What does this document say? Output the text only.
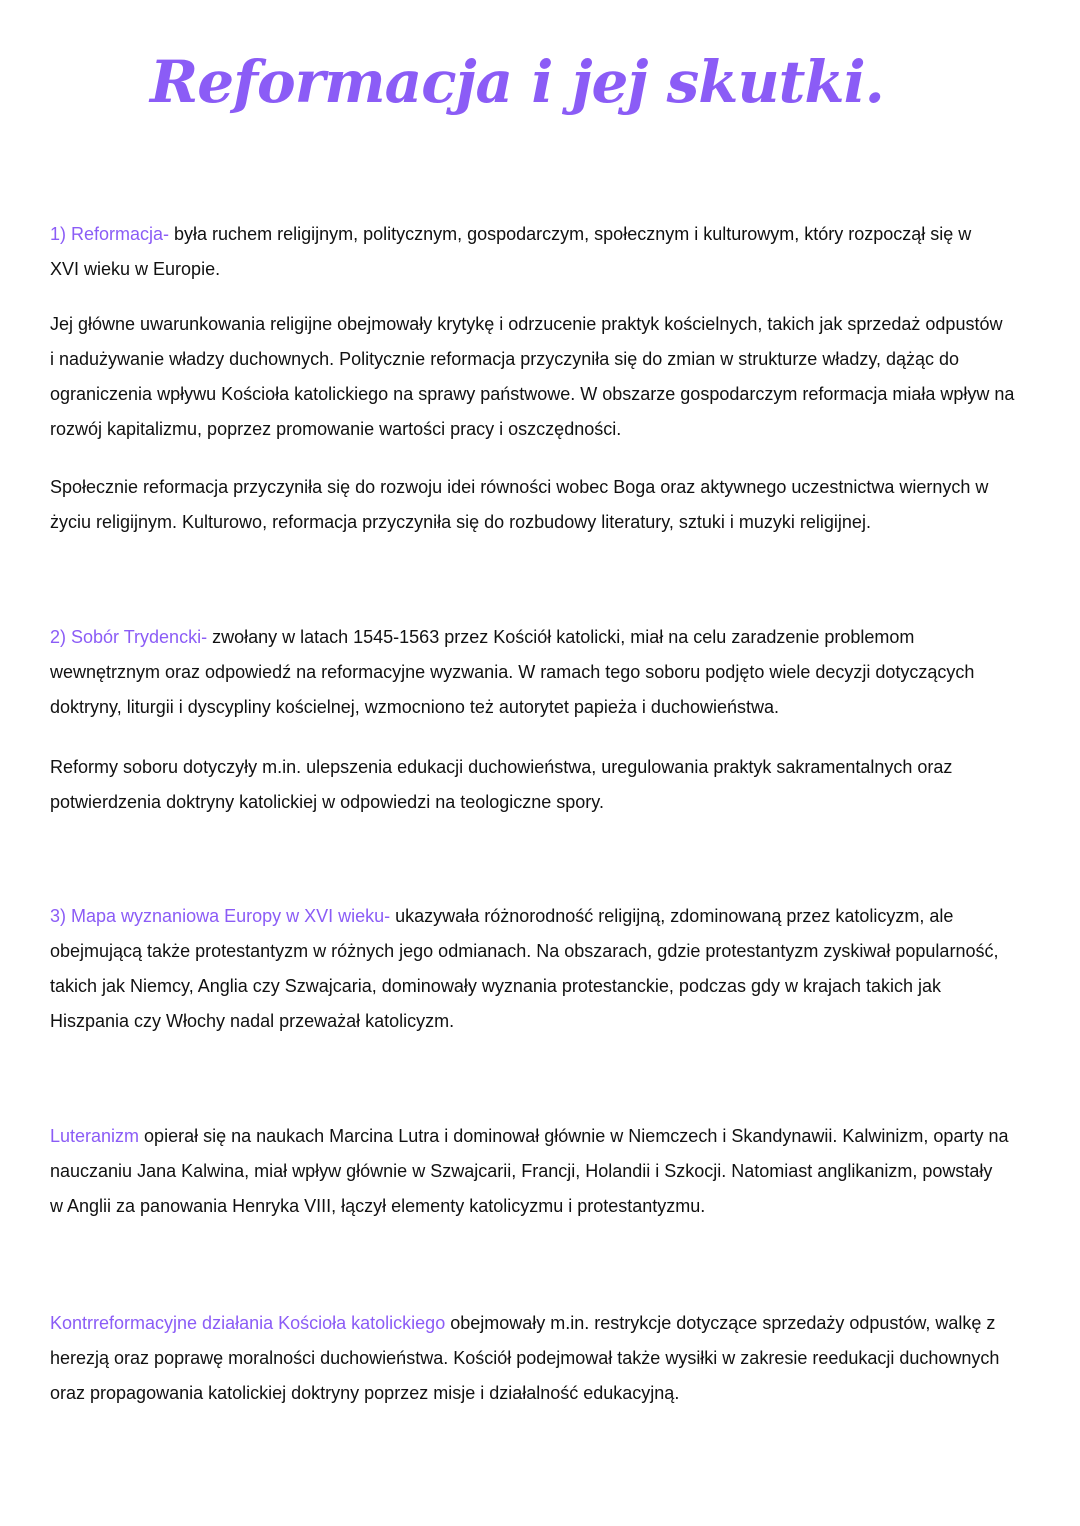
Reformacja i jej skutki.
1) Reformacja- była ruchem religijnym, politycznym, gospodarczym, społecznym i kulturowym, który rozpoczął się w
XVI wieku w Europie.
Jej główne uwarunkowania religijne obejmowały krytykę i odrzucenie praktyk kościelnych, takich jak sprzedaż odpustów
i nadużywanie władzy duchownych. Politycznie reformacja przyczyniła się do zmian w strukturze władzy, dążąc do
ograniczenia wpływu Kościoła katolickiego na sprawy państwowe. W obszarze gospodarczym reformacja miała wpływ na
rozwój kapitalizmu, poprzez promowanie wartości pracy i oszczędności.
Społecznie reformacja przyczyniła się do rozwoju idei równości wobec Boga oraz aktywnego uczestnictwa wiernych w
życiu religijnym. Kulturowo, reformacja przyczyniła się do rozbudowy literatury, sztuki i muzyki religijnej.
2) Sobór Trydencki- zwołany w latach 1545-1563 przez Kościół katolicki, miał na celu zaradzenie problemom
wewnętrznym oraz odpowiedź na reformacyjne wyzwania. W ramach tego soboru podjęto wiele decyzji dotyczących
doktryny, liturgii i dyscypliny kościelnej, wzmocniono też autorytet papieża i duchowieństwa.
Reformy soboru dotyczyły m.in. ulepszenia edukacji duchowieństwa, uregulowania praktyk sakramentalnych oraz
potwierdzenia doktryny katolickiej w odpowiedzi na teologiczne spory.
3) Mapa wyznaniowa Europy w XVI wieku- ukazywała różnorodność religijną, zdominowaną przez katolicyzm, ale
obejmującą także protestantyzm w różnych jego odmianach. Na obszarach, gdzie protestantyzm zyskiwał popularność,
takich jak Niemcy, Anglia czy Szwajcaria, dominowały wyznania protestanckie, podczas gdy w krajach takich jak
Hiszpania czy Włochy nadal przeważał katolicyzm.
Luteranizm opierał się na naukach Marcina Lutra i dominował głównie w Niemczech i Skandynawii. Kalwinizm, oparty na
nauczaniu Jana Kalwina, miał wpływ głównie w Szwajcarii, Francji, Holandii i Szkocji. Natomiast anglikanizm, powstały
w Anglii za panowania Henryka VIII, łączył elementy katolicyzmu i protestantyzmu.
Kontrreformacyjne działania Kościoła katolickiego obejmowały m.in. restrykcje dotyczące sprzedaży odpustów, walkę z
herezją oraz poprawę moralności duchowieństwa. Kościół podejmował także wysiłki w zakresie reedukacji duchownych
oraz propagowania katolickiej doktryny poprzez misje i działalność edukacyjną.
